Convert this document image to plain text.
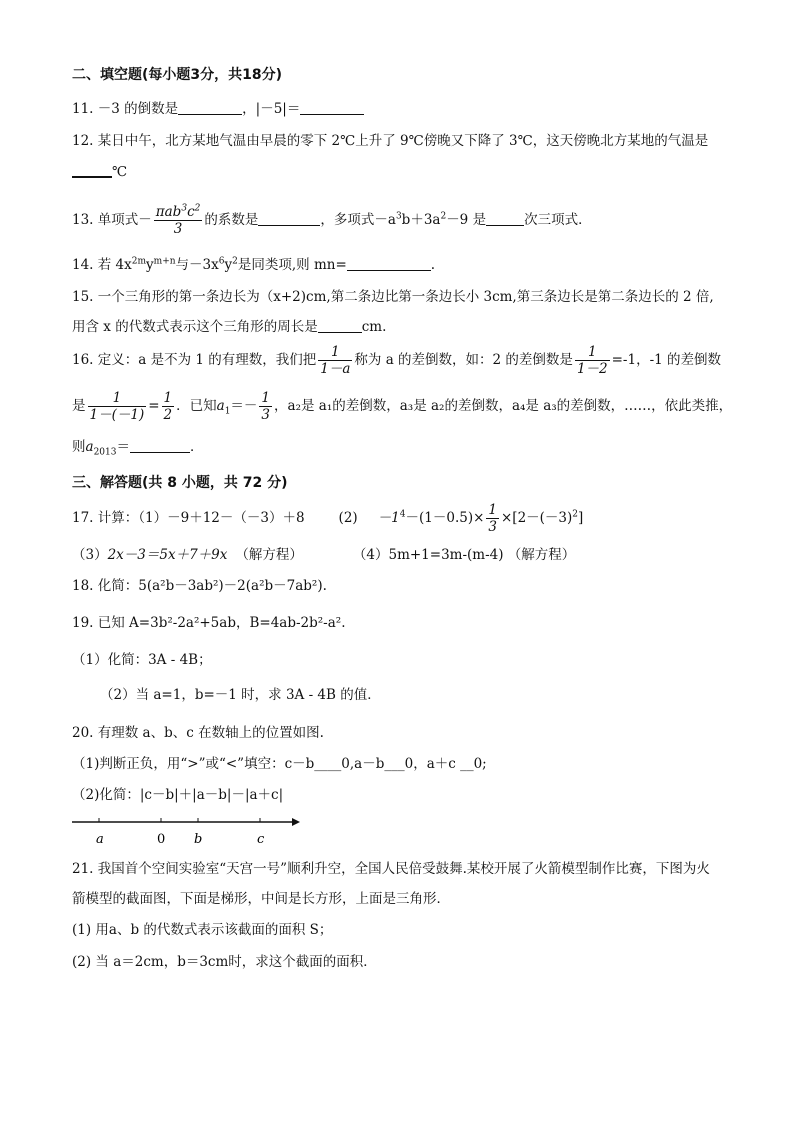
二、填空题(每小题3分，共18分)
11. －3 的倒数是	，|－5|＝
12. 某日中午，北方某地气温由早晨的零下 2℃上升了 9℃傍晚又下降了 3℃，这天傍晚北方某地的气温是
℃
13. 单项式－ $\frac{\pi ab^3c^2}{3}$ 的系数是	，多项式$-a^3b+3a^2-9$ 是	次三项式．
14. 若 $4x^{2m}y^{m+n}$与$-3x^6y^2$是同类项,则 mn=	.
15. 一个三角形的第一条边长为（x+2)cm,第二条边比第一条边长小 3cm,第三条边长是第二条边长的 2 倍,
用含 x 的代数式表示这个三角形的周长是	cm.
16. 定义：a 是不为 1 的有理数，我们把 $\frac{1}{1-a}$ 称为 a 的差倒数，如：2 的差倒数是 $\frac{1}{1-2} =-1$，-1 的差倒数
是 $\frac{1}{1-(-1)} = \frac{1}{2}$ ．已知$a_1=- \frac{1}{3}$ ，a₂是 a₁的差倒数，a₃是 a₂的差倒数，a₄是 a₃的差倒数，……，依此类推，
则$a_{2013}=$	．
三、解答题(共 8 小题，共 72 分)
17. 计算：（1）－9＋12－（－3）＋8	$(2) -1^4-(1-0.5)\times \frac{1}{3} \times[2-(-3)^2]$
（3）2x－3＝5x＋7＋9x （解方程）	（4）5m+1=3m-(m-4) （解方程）
18. 化简：5(a²b－3ab²)－2(a²b－7ab²).
19. 已知 A=3b²-2a²+5ab，B=4ab-2b²-a².
（1）化简：3A - 4B；
（2）当 a=1，b=－1 时，求 3A - 4B 的值．
20. 有理数 a、b、c 在数轴上的位置如图.
（1)判断正负，用“>”或“<”填空：c－b____0,a－b___0，a＋c __0;
（2)化简：|c－b|＋|a－b|－|a＋c|
a	0 b	c
21. 我国首个空间实验室“天宫一号”顺利升空，全国人民倍受鼓舞.某校开展了火箭模型制作比赛，下图为火
箭模型的截面图，下面是梯形，中间是长方形，上面是三角形．
(1) 用a、b 的代数式表示该截面的面积 S；
(2) 当 a＝2cm，b＝3cm时，求这个截面的面积．
